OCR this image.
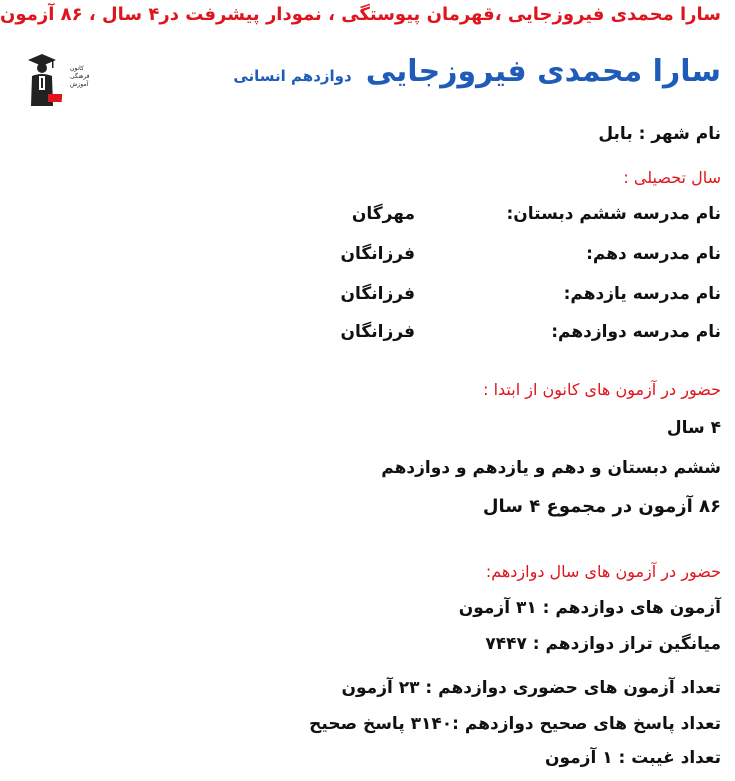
سارا محمدی فیروزجایی ،قهرمان پیوستگی ، نمودار پیشرفت در۴ سال ، ۸۶ آزمون
کانون
فرهنگی
آموزش
قلم چی
سارا محمدی فیروزجایی
دوازدهم انسانی
نام شهر : بابل
سال تحصیلی :
نام مدرسه ششم دبستان:
مهرگان
نام مدرسه دهم:
فرزانگان
نام مدرسه یازدهم:
فرزانگان
نام مدرسه دوازدهم:
فرزانگان
حضور در آزمون های کانون از ابتدا :
۴ سال
ششم دبستان و دهم و یازدهم و دوازدهم
۸۶ آزمون در مجموع ۴ سال
حضور در آزمون های سال دوازدهم:
آزمون های دوازدهم : ۳۱ آزمون
میانگین تراز دوازدهم : ۷۴۴۷
تعداد آزمون های حضوری دوازدهم : ۲۳ آزمون
تعداد پاسخ های صحیح دوازدهم :۳۱۴۰ پاسخ صحیح
تعداد غیبت : ۱ آزمون
